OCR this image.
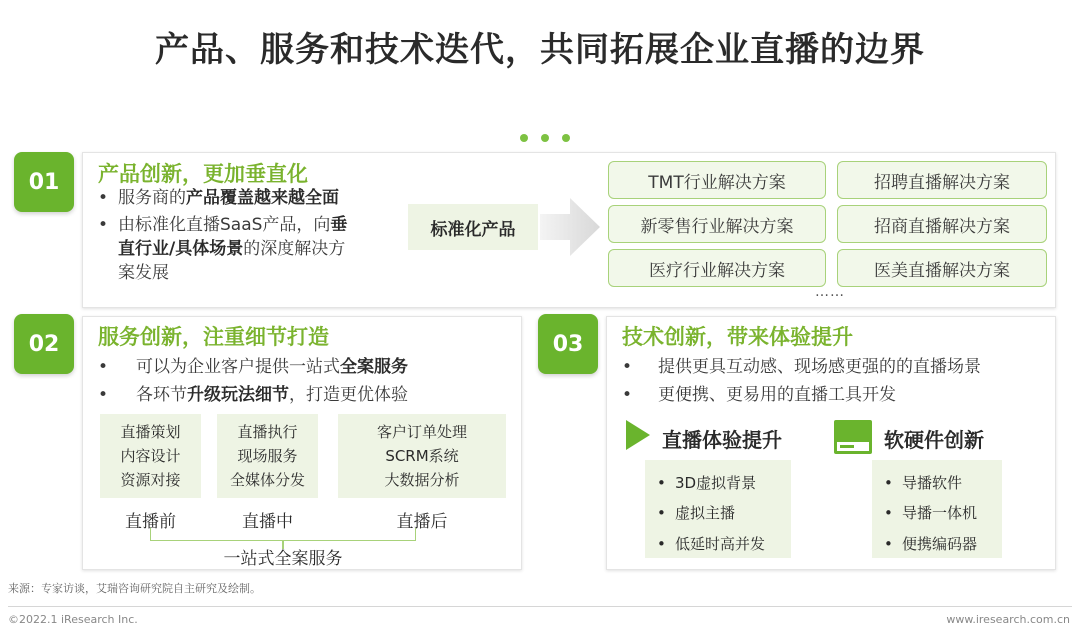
产品、服务和技术迭代，共同拓展企业直播的边界
01	产品创新，更加垂直化
• 服务商的产品覆盖越来越全面
• 由标准化直播SaaS产品，向垂
直行业/具体场景的深度解决方
案发展
标准化产品
TMT行业解决方案
新零售行业解决方案
医疗行业解决方案
招聘直播解决方案
招商直播解决方案
医美直播解决方案
……
02	服务创新，注重细节打造
• 可以为企业客户提供一站式全案服务
• 各环节升级玩法细节，打造更优体验
直播策划
内容设计
资源对接
直播执行
现场服务
全媒体分发
客户订单处理
SCRM系统
大数据分析
直播前	直播中	直播后
一站式全案服务
03	技术创新，带来体验提升
• 提供更具互动感、现场感更强的的直播场景
• 更便携、更易用的直播工具开发
直播体验提升	软硬件创新
• 3D虚拟背景
• 虚拟主播
• 低延时高并发
• 导播软件
• 导播一体机
• 便携编码器
来源：专家访谈，艾瑞咨询研究院自主研究及绘制。
©2022.1 iResearch Inc.	www.iresearch.com.cn
